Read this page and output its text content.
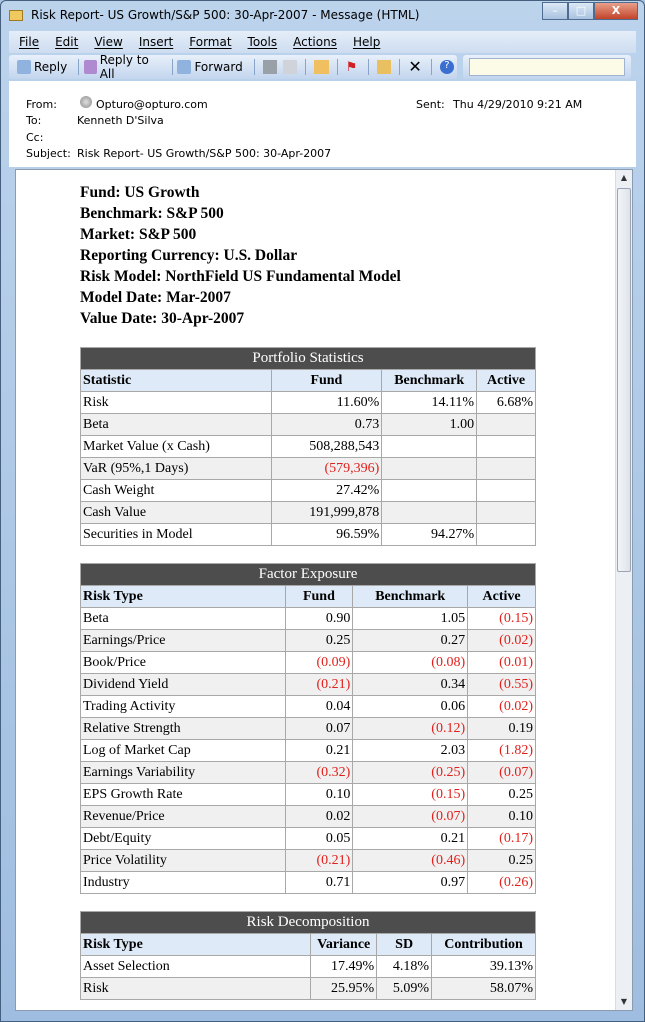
Risk Report- US Growth/S&P 500: 30-Apr-2007 - Message (HTML)	–	□	X
File Edit View Insert Format Tools Actions Help
Reply	Reply to All	Forward	⚑	✕	?
From:	Opturo@opturo.com
To:	Kenneth D'Silva
Cc:
Subject: Risk Report- US Growth/S&P 500: 30-Apr-2007
Sent: Thu 4/29/2010 9:21 AM
Fund: US Growth
Benchmark: S&P 500
Market: S&P 500
Reporting Currency: U.S. Dollar
Risk Model: NorthField US Fundamental Model
Model Date: Mar-2007
Value Date: 30-Apr-2007
Portfolio Statistics			
Statistic	Fund	Benchmark	Active
Risk	11.60%	14.11%	6.68%
Beta	0.73	1.00	
Market Value (x Cash)	508,288,543		
VaR (95%,1 Days)	(579,396)		
Cash Weight	27.42%		
Cash Value	191,999,878		
Securities in Model	96.59%	94.27%	
Factor Exposure			
Risk Type	Fund	Benchmark	Active
Beta	0.90	1.05	(0.15)
Earnings/Price	0.25	0.27	(0.02)
Book/Price	(0.09)	(0.08)	(0.01)
Dividend Yield	(0.21)	0.34	(0.55)
Trading Activity	0.04	0.06	(0.02)
Relative Strength	0.07	(0.12)	0.19
Log of Market Cap	0.21	2.03	(1.82)
Earnings Variability	(0.32)	(0.25)	(0.07)
EPS Growth Rate	0.10	(0.15)	0.25
Revenue/Price	0.02	(0.07)	0.10
Debt/Equity	0.05	0.21	(0.17)
Price Volatility	(0.21)	(0.46)	0.25
Industry	0.71	0.97	(0.26)
Risk Decomposition			
Risk Type	Variance	SD	Contribution
Asset Selection	17.49%	4.18%	39.13%
Risk	25.95%	5.09%	58.07%
▲
▼
